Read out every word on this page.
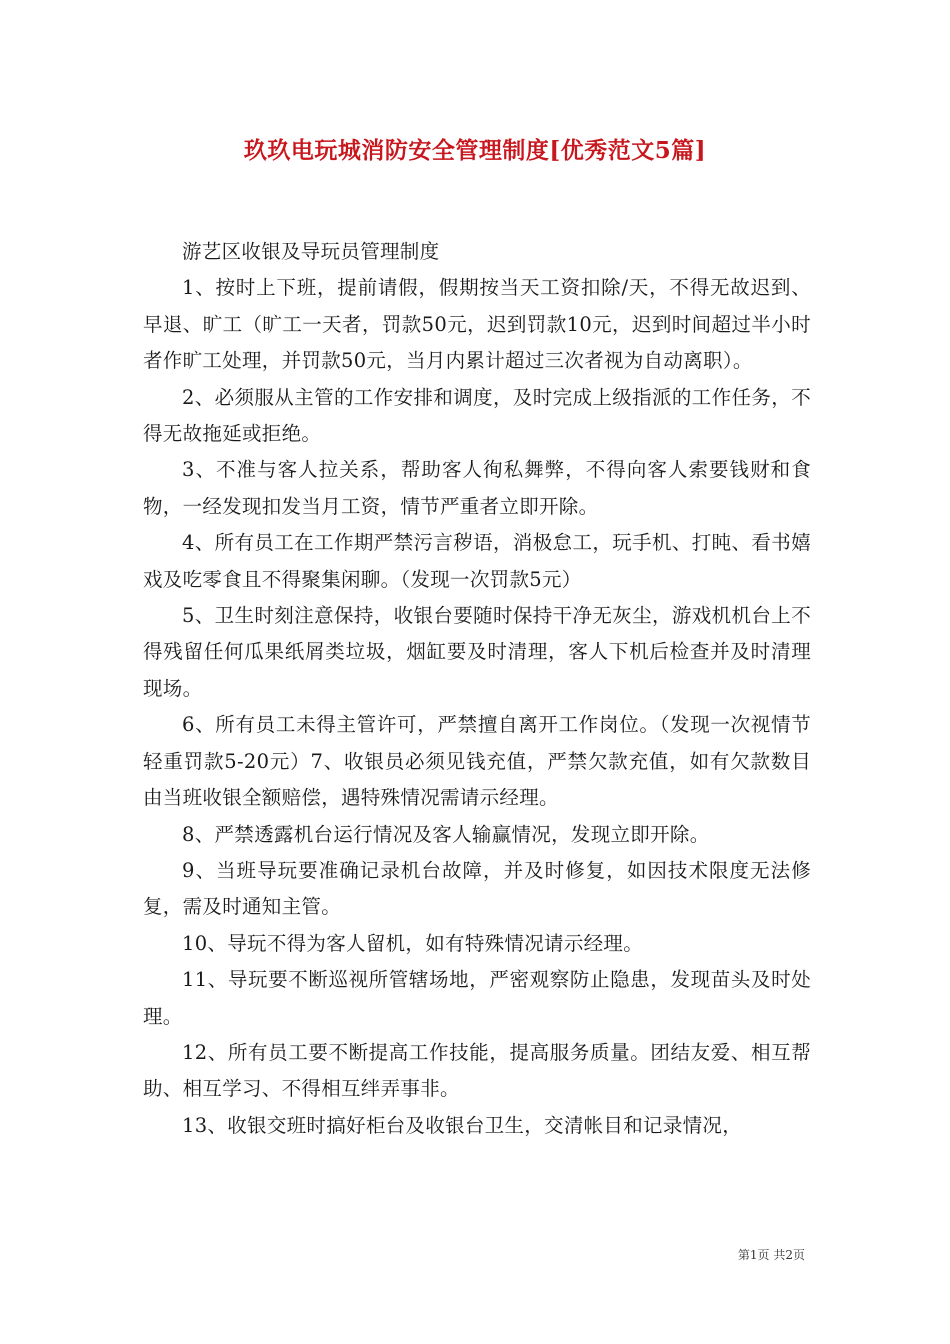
玖玖电玩城消防安全管理制度[优秀范文5篇]

游艺区收银及导玩员管理制度

1、按时上下班，提前请假，假期按当天工资扣除/天，不得无故迟到、早退、旷工（旷工一天者，罚款50元，迟到罚款10元，迟到时间超过半小时者作旷工处理，并罚款50元，当月内累计超过三次者视为自动离职）。

2、必须服从主管的工作安排和调度，及时完成上级指派的工作任务，不得无故拖延或拒绝。

3、不准与客人拉关系，帮助客人徇私舞弊，不得向客人索要钱财和食物，一经发现扣发当月工资，情节严重者立即开除。

4、所有员工在工作期严禁污言秽语，消极怠工，玩手机、打盹、看书嬉戏及吃零食且不得聚集闲聊。（发现一次罚款5元）

5、卫生时刻注意保持，收银台要随时保持干净无灰尘，游戏机机台上不得残留任何瓜果纸屑类垃圾，烟缸要及时清理，客人下机后检查并及时清理现场。

6、所有员工未得主管许可，严禁擅自离开工作岗位。（发现一次视情节轻重罚款5-20元）7、收银员必须见钱充值，严禁欠款充值，如有欠款数目由当班收银全额赔偿，遇特殊情况需请示经理。

8、严禁透露机台运行情况及客人输赢情况，发现立即开除。

9、当班导玩要准确记录机台故障，并及时修复，如因技术限度无法修复，需及时通知主管。

10、导玩不得为客人留机，如有特殊情况请示经理。

11、导玩要不断巡视所管辖场地，严密观察防止隐患，发现苗头及时处理。

12、所有员工要不断提高工作技能，提高服务质量。团结友爱、相互帮助、相互学习、不得相互绊弄事非。

13、收银交班时搞好柜台及收银台卫生，交清帐目和记录情况，

第1页 共2页
